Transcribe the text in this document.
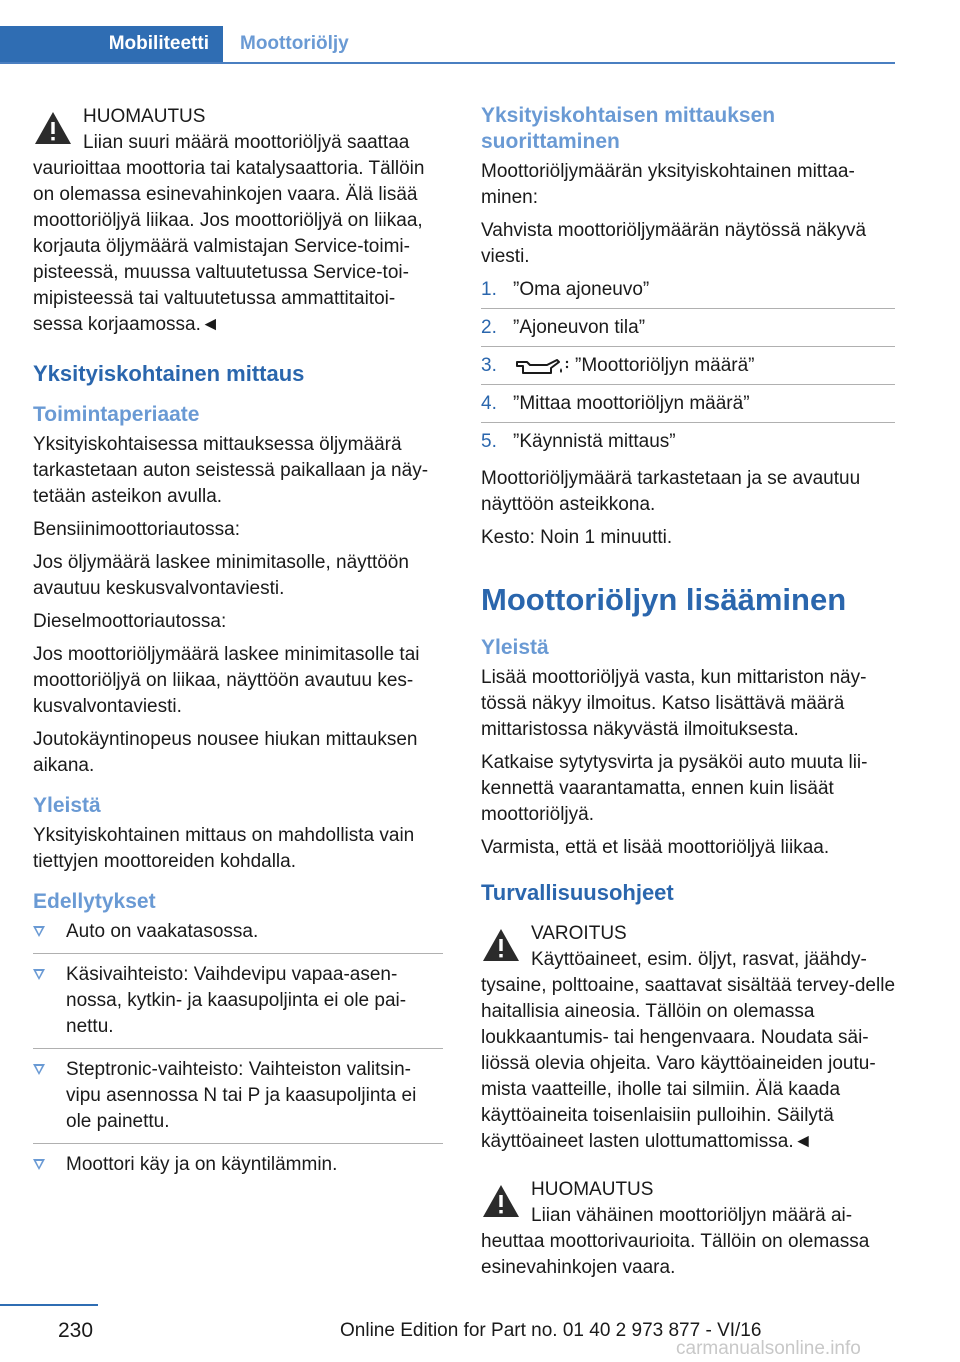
Mobiliteetti	Moottoriöljy

HUOMAUTUS

Liian suuri määrä moottoriöljyä saattaa

vaurioittaa moottoria tai katalysaattoria. Tällöin on olemassa esinevahinkojen vaara. Älä lisää moottoriöljyä liikaa. Jos moottoriöljyä on liikaa, korjauta öljymäärä valmistajan Service-toimi-pisteessä, muussa valtuutetussa Service-toi-mipisteessä tai valtuutetussa ammattitaitoi-sessa korjaamossa.◄

Yksityiskohtainen mittaus
Toimintaperiaate

Yksityiskohtaisessa mittauksessa öljymäärä tarkastetaan auton seistessä paikallaan ja näy-tetään asteikon avulla.

Bensiinimoottoriautossa:

Jos öljymäärä laskee minimitasolle, näyttöön avautuu keskusvalvontaviesti.

Dieselmoottoriautossa:

Jos moottoriöljymäärä laskee minimitasolle tai moottoriöljyä on liikaa, näyttöön avautuu kes-kusvalvontaviesti.

Joutokäyntinopeus nousee hiukan mittauksen aikana.

Yleistä

Yksityiskohtainen mittaus on mahdollista vain tiettyjen moottoreiden kohdalla.

Edellytykset
Auto on vaakatasossa.
Käsivaihteisto: Vaihdevipu vapaa-asen-nossa, kytkin- ja kaasupoljinta ei ole pai-nettu.
Steptronic-vaihteisto: Vaihteiston valitsin-vipu asennossa N tai P ja kaasupoljinta ei ole painettu.
Moottori käy ja on käyntilämmin.
Yksityiskohtaisen mittauksen suorittaminen

Moottoriöljymäärän yksityiskohtainen mittaa-minen:

Vahvista moottoriöljymäärän näytössä näkyvä viesti.

1. ”Oma ajoneuvo”
2. ”Ajoneuvon tila”
3.	”Moottoriöljyn määrä”
4. ”Mittaa moottoriöljyn määrä”
5. ”Käynnistä mittaus”

Moottoriöljymäärä tarkastetaan ja se avautuu näyttöön asteikkona.

Kesto: Noin 1 minuutti.

Moottoriöljyn lisääminen
Yleistä

Lisää moottoriöljyä vasta, kun mittariston näy-tössä näkyy ilmoitus. Katso lisättävä määrä mittaristossa näkyvästä ilmoituksesta.

Katkaise sytytysvirta ja pysäköi auto muuta lii-kennettä vaarantamatta, ennen kuin lisäät moottoriöljyä.

Varmista, että et lisää moottoriöljyä liikaa.

Turvallisuusohjeet

VAROITUS

Käyttöaineet, esim. öljyt, rasvat, jäähdy-

tysaine, polttoaine, saattavat sisältää tervey-delle haitallisia aineosia. Tällöin on olemassa loukkaantumis- tai hengenvaara. Noudata säi-liössä olevia ohjeita. Varo käyttöaineiden joutu-mista vaatteille, iholle tai silmiin. Älä kaada käyttöaineita toisenlaisiin pulloihin. Säilytä käyttöaineet lasten ulottumattomissa.◄

HUOMAUTUS

Liian vähäinen moottoriöljyn määrä ai-

heuttaa moottorivaurioita. Tällöin on olemassa esinevahinkojen vaara.

230	Online Edition for Part no. 01 40 2 973 877 - VI/16
carmanualsonline.info
